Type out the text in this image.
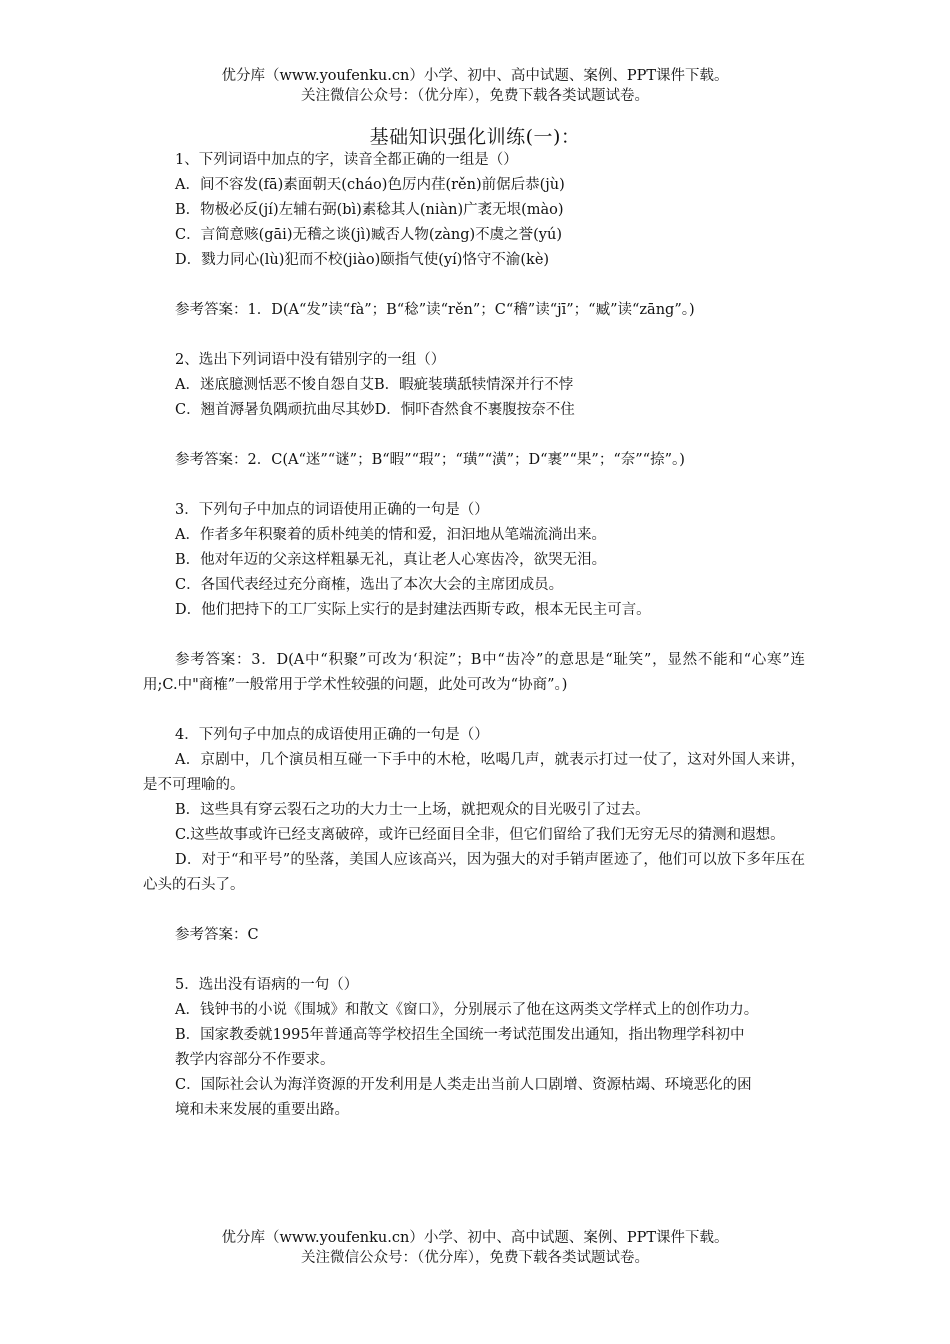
优分库（www.youfenku.cn）小学、初中、高中试题、案例、PPT课件下载。
关注微信公众号：（优分库），免费下载各类试题试卷。
基础知识强化训练(一)：
1、下列词语中加点的字，读音全都正确的一组是（）
A．间不容发(fā)素面朝天(cháo)色厉内荏(rěn)前倨后恭(jù)
B．物极必反(jí)左辅右弼(bì)素稔其人(niàn)广袤无垠(mào)
C．言简意赅(gāi)无稽之谈(jì)臧否人物(zàng)不虞之誉(yú)
D．戮力同心(lù)犯而不校(jiào)颐指气使(yí)恪守不渝(kè)
参考答案：1．D(A“发”读“fà”；B“稔”读“rěn”；C“稽”读“jī”；“臧”读“zāng”。)
2、选出下列词语中没有错别字的一组（）
A．迷底臆测恬恶不悛自怨自艾B．暇疵装璜舐犊情深并行不悖
C．翘首溽暑负隅顽抗曲尽其妙D．恫吓杳然食不裹腹按奈不住
参考答案：2．C(A“迷”“谜”；B“暇”“瑕”；“璜”“潢”；D“裹”“果”；“奈”“捺”。)
3．下列句子中加点的词语使用正确的一句是（）
A．作者多年积聚着的质朴纯美的情和爱，汩汩地从笔端流淌出来。
B．他对年迈的父亲这样粗暴无礼，真让老人心寒齿冷，欲哭无泪。
C．各国代表经过充分商榷，选出了本次大会的主席团成员。
D．他们把持下的工厂实际上实行的是封建法西斯专政，根本无民主可言。
参考答案：3．D(A中“积聚”可改为‘积淀”；B中“齿冷”的意思是“耻笑”，显然不能和“心寒”连用;C.中"商榷”一般常用于学术性较强的问题，此处可改为“协商”。)
4．下列句子中加点的成语使用正确的一句是（）
A．京剧中，几个演员相互碰一下手中的木枪，吆喝几声，就表示打过一仗了，这对外国人来讲，是不可理喻的。
B．这些具有穿云裂石之功的大力士一上场，就把观众的目光吸引了过去。
C.这些故事或许已经支离破碎，或许已经面目全非，但它们留给了我们无穷无尽的猜测和遐想。
D．对于“和平号”的坠落，美国人应该高兴，因为强大的对手销声匿迹了，他们可以放下多年压在心头的石头了。
参考答案：C
5．选出没有语病的一句（）
A．钱钟书的小说《围城》和散文《窗口》，分别展示了他在这两类文学样式上的创作功力。
B．国家教委就1995年普通高等学校招生全国统一考试范围发出通知，指出物理学科初中
教学内容部分不作要求。
C．国际社会认为海洋资源的开发利用是人类走出当前人口剧增、资源枯竭、环境恶化的困
境和未来发展的重要出路。
优分库（www.youfenku.cn）小学、初中、高中试题、案例、PPT课件下载。
关注微信公众号：（优分库），免费下载各类试题试卷。
